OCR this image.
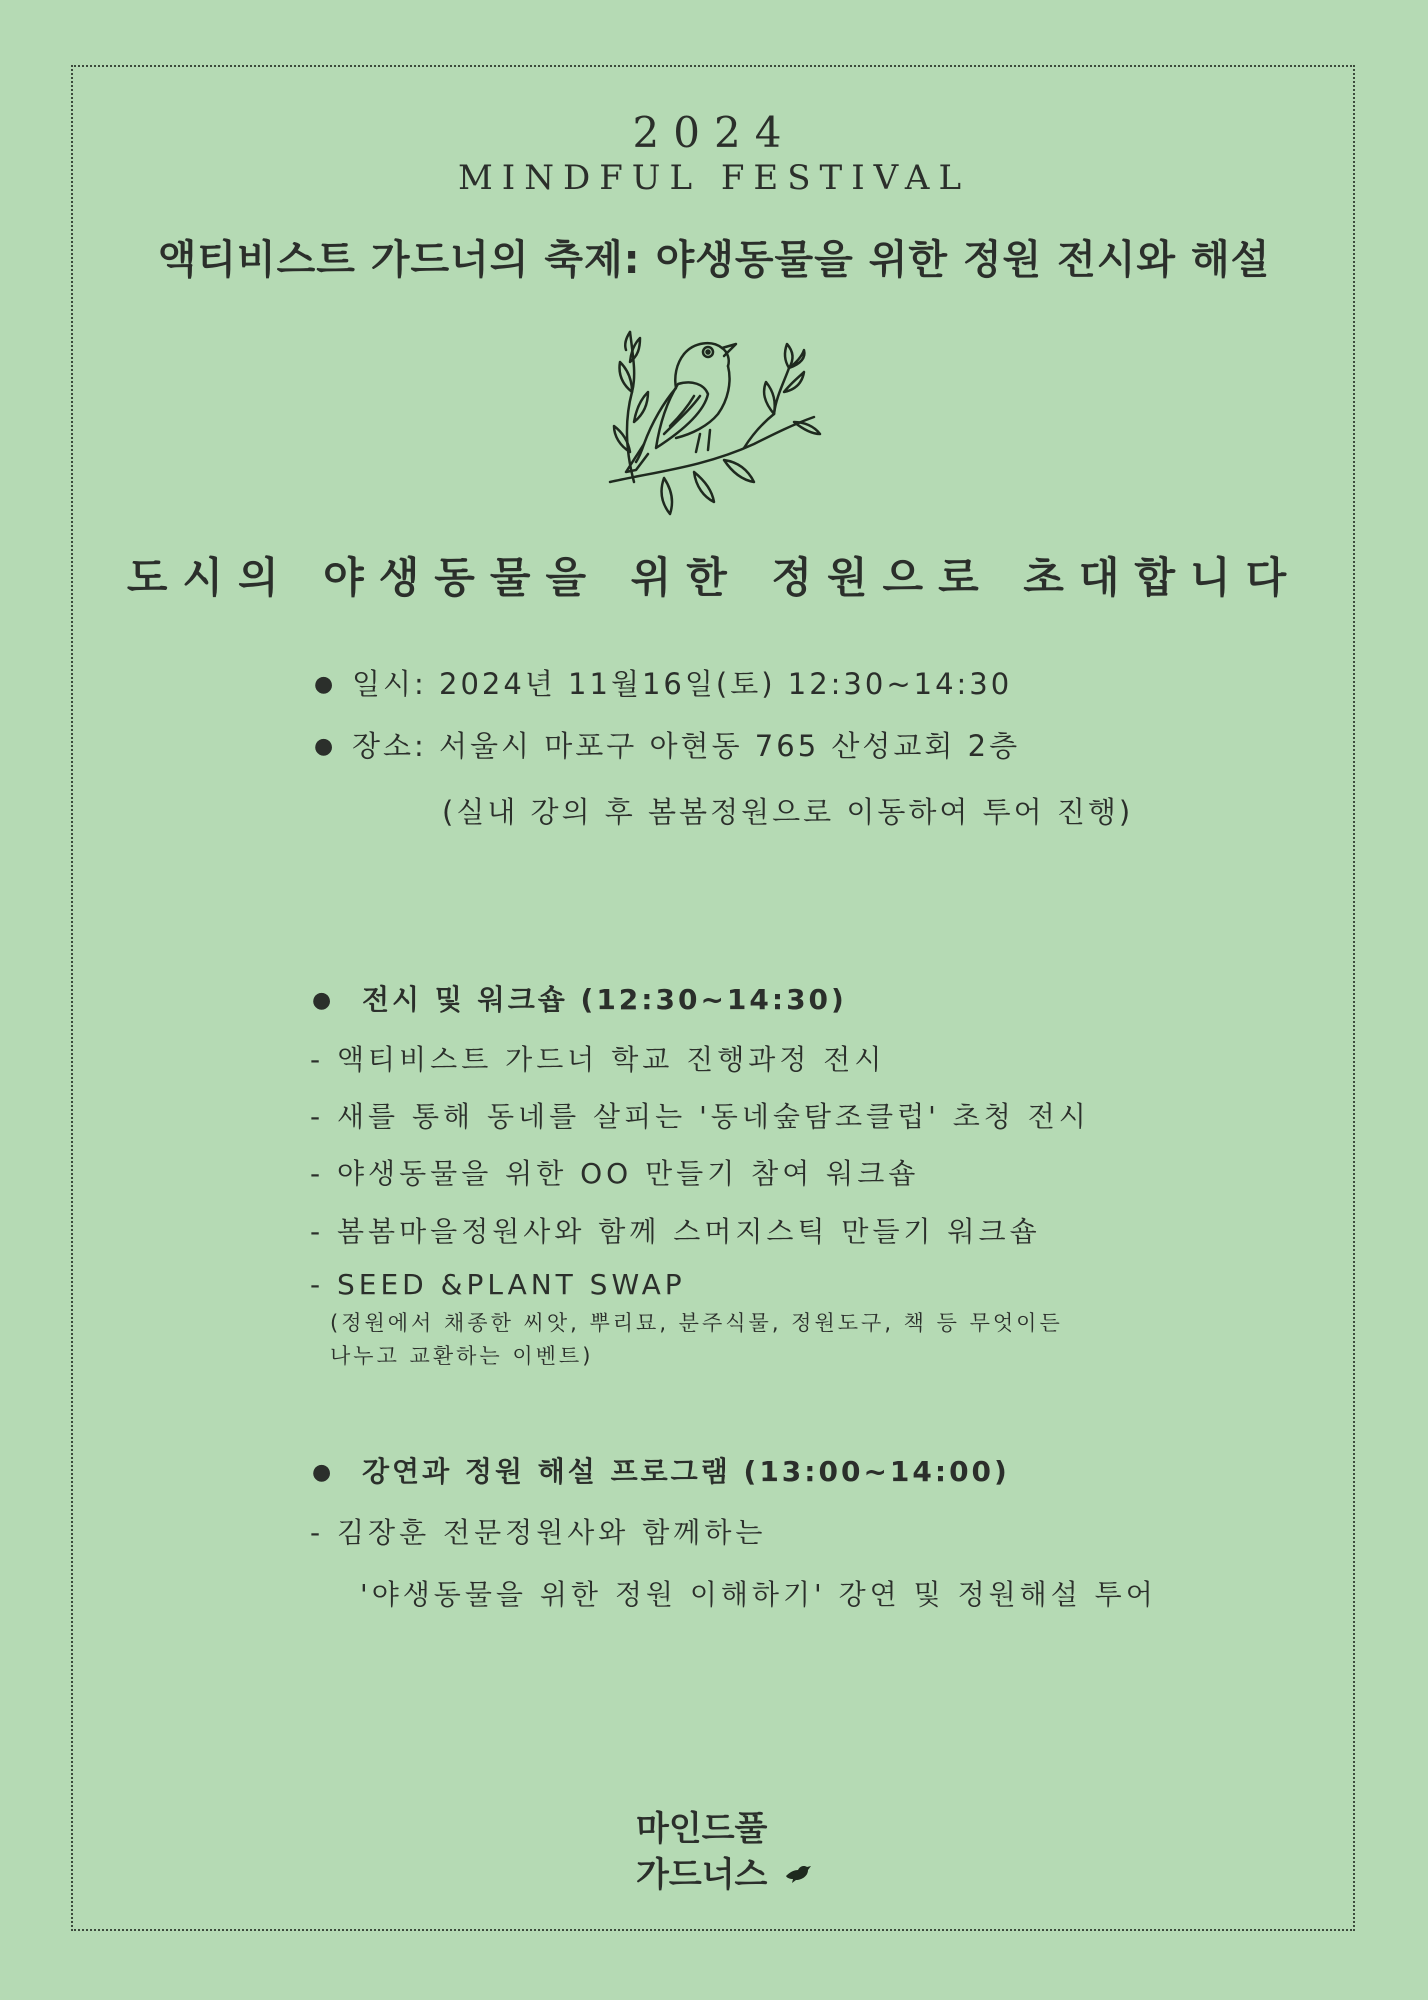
2024
MINDFUL FESTIVAL
액티비스트 가드너의 축제: 야생동물을 위한 정원 전시와 해설
도시의 야생동물을 위한 정원으로 초대합니다
● 일시: 2024년 11월16일(토) 12:30~14:30
● 장소: 서울시 마포구 아현동 765 산성교회 2층
(실내 강의 후 봄봄정원으로 이동하여 투어 진행)
● 전시 및 워크숍 (12:30~14:30)
- 액티비스트 가드너 학교 진행과정 전시
- 새를 통해 동네를 살피는 '동네숲탐조클럽' 초청 전시
- 야생동물을 위한 OO 만들기 참여 워크숍
- 봄봄마을정원사와 함께 스머지스틱 만들기 워크숍
- SEED &PLANT SWAP
(정원에서 채종한 씨앗, 뿌리묘, 분주식물, 정원도구, 책 등 무엇이든
나누고 교환하는 이벤트)
● 강연과 정원 해설 프로그램 (13:00~14:00)
- 김장훈 전문정원사와 함께하는
'야생동물을 위한 정원 이해하기' 강연 및 정원해설 투어
마인드풀
가드너스
